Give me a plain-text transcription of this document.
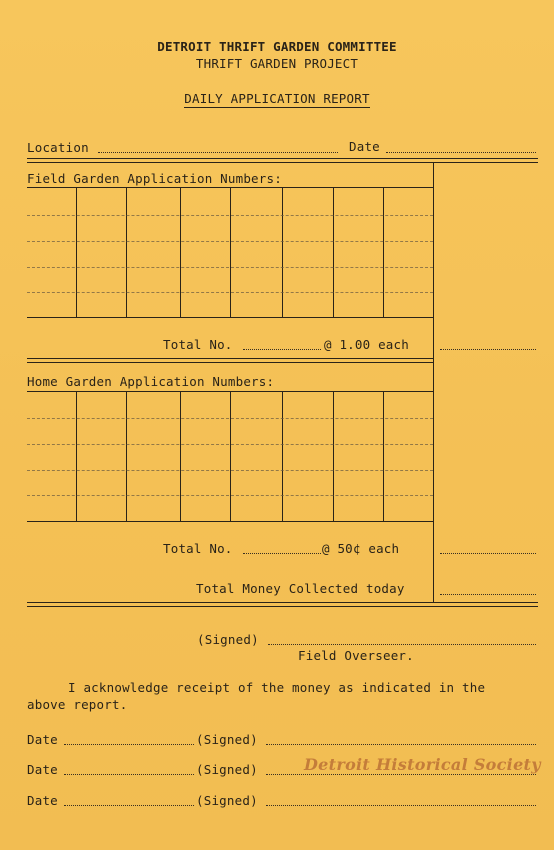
DETROIT THRIFT GARDEN COMMITTEE
THRIFT GARDEN PROJECT
DAILY APPLICATION REPORT
Location	Date
Field Garden Application Numbers:
Total No.	@ 1.00 each
Home Garden Application Numbers:
Total No.	@ 50¢ each
Total Money Collected today
(Signed)
Field Overseer.
I acknowledge receipt of the money as indicated in the
above report.
Date	(Signed)
Date	(Signed)
Date	(Signed)
Detroit Historical Society
